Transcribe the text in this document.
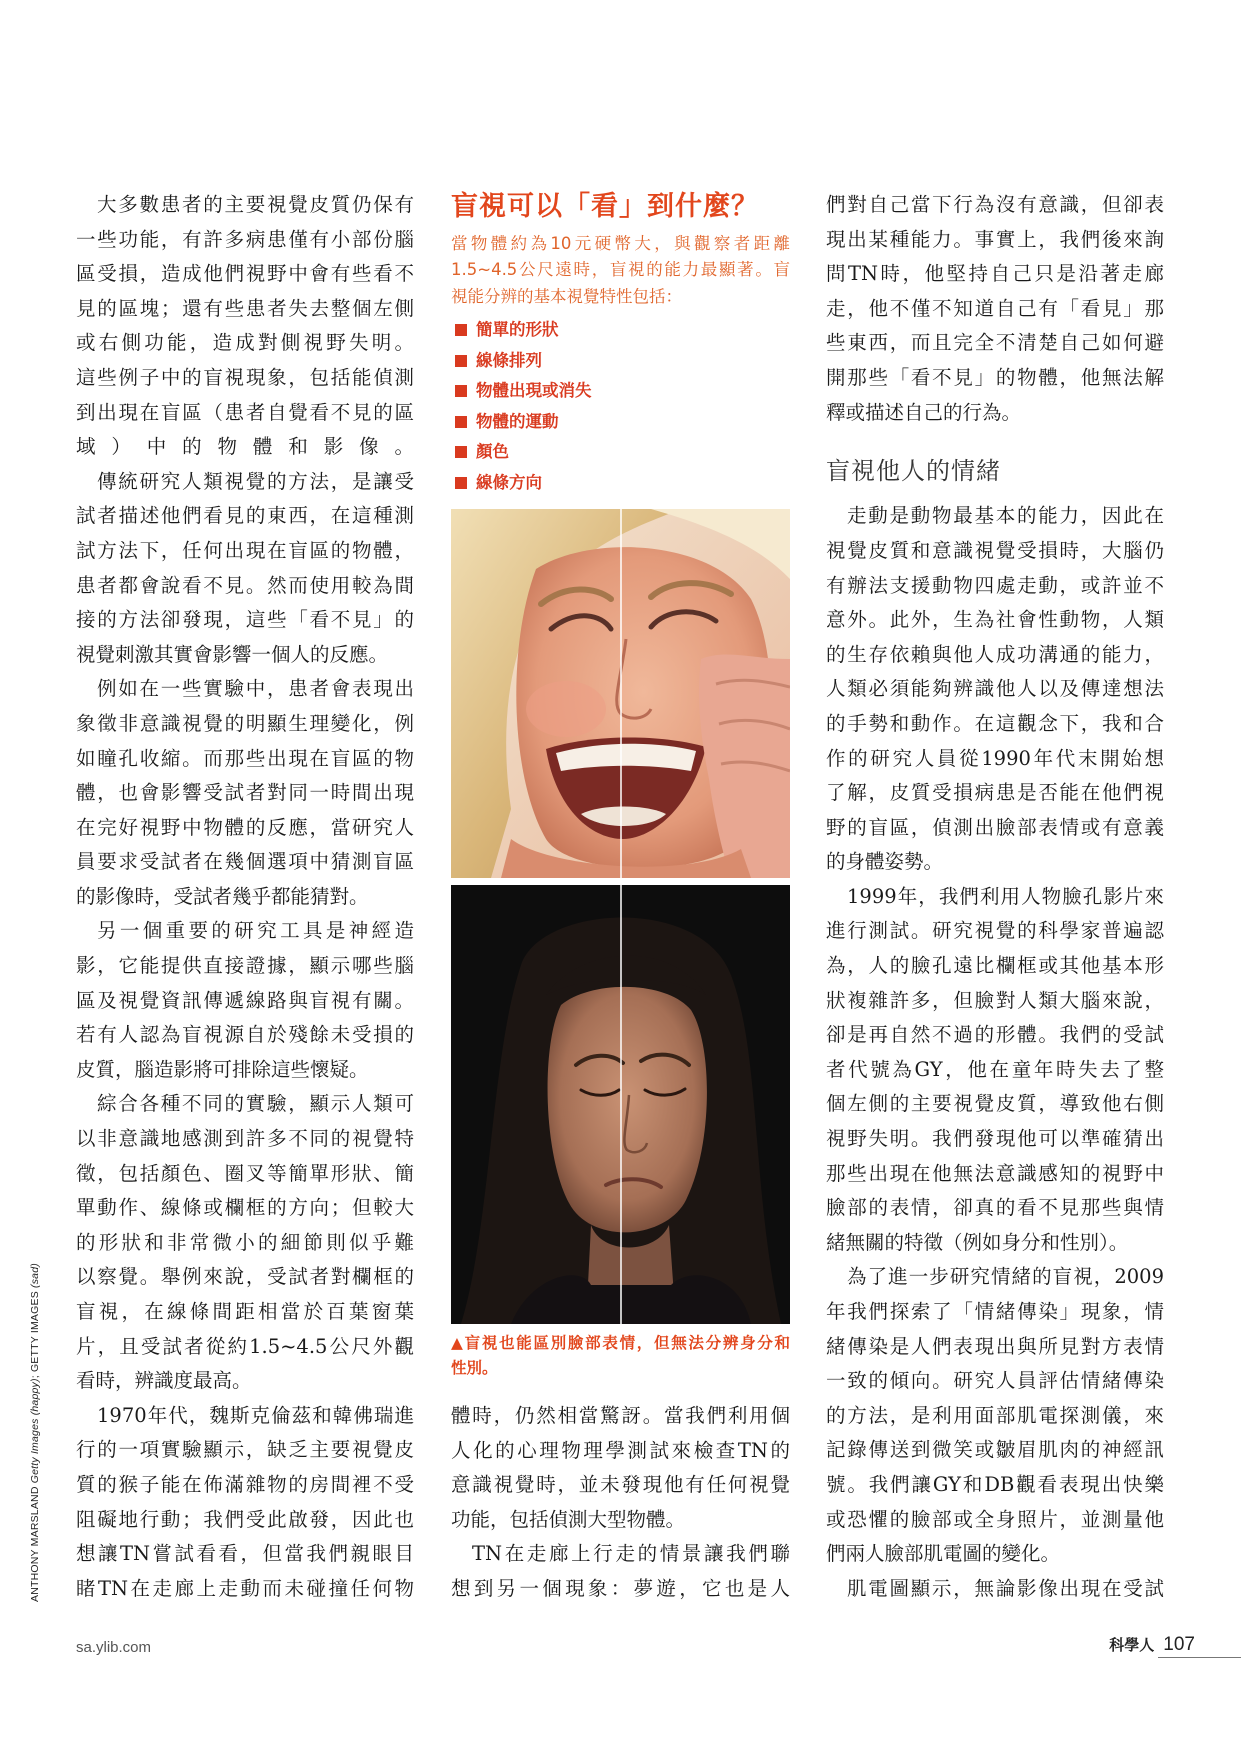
大多數患者的主要視覺皮質仍保有
一些功能，有許多病患僅有小部份腦
區受損，造成他們視野中會有些看不
見的區塊；還有些患者失去整個左側
或右側功能，造成對側視野失明。
這些例子中的盲視現象，包括能偵測
到出現在盲區（患者自覺看不見的區
域）中的物體和影像。
傳統研究人類視覺的方法，是讓受
試者描述他們看見的東西，在這種測
試方法下，任何出現在盲區的物體，
患者都會說看不見。然而使用較為間
接的方法卻發現，這些「看不見」的
視覺刺激其實會影響一個人的反應。
例如在一些實驗中，患者會表現出
象徵非意識視覺的明顯生理變化，例
如瞳孔收縮。而那些出現在盲區的物
體，也會影響受試者對同一時間出現
在完好視野中物體的反應，當研究人
員要求受試者在幾個選項中猜測盲區
的影像時，受試者幾乎都能猜對。
另一個重要的研究工具是神經造
影，它能提供直接證據，顯示哪些腦
區及視覺資訊傳遞線路與盲視有關。
若有人認為盲視源自於殘餘未受損的
皮質，腦造影將可排除這些懷疑。
綜合各種不同的實驗，顯示人類可
以非意識地感測到許多不同的視覺特
徵，包括顏色、圈叉等簡單形狀、簡
單動作、線條或欄框的方向；但較大
的形狀和非常微小的細節則似乎難
以察覺。舉例來說，受試者對欄框的
盲視，在線條間距相當於百葉窗葉
片，且受試者從約1.5~4.5公尺外觀
看時，辨識度最高。
1970年代，魏斯克倫茲和韓佛瑞進
行的一項實驗顯示，缺乏主要視覺皮
質的猴子能在佈滿雜物的房間裡不受
阻礙地行動；我們受此啟發，因此也
想讓TN嘗試看看，但當我們親眼目
睹TN在走廊上走動而未碰撞任何物
盲視可以「看」到什麼？
當物體約為10元硬幣大，與觀察者距離
1.5~4.5公尺遠時，盲視的能力最顯著。盲
視能分辨的基本視覺特性包括：
簡單的形狀
線條排列
物體出現或消失
物體的運動
顏色
線條方向
▲盲視也能區別臉部表情，但無法分辨身分和
性別。
體時，仍然相當驚訝。當我們利用個
人化的心理物理學測試來檢查TN的
意識視覺時，並未發現他有任何視覺
功能，包括偵測大型物體。
TN在走廊上行走的情景讓我們聯
想到另一個現象：夢遊，它也是人
們對自己當下行為沒有意識，但卻表
現出某種能力。事實上，我們後來詢
問TN時，他堅持自己只是沿著走廊
走，他不僅不知道自己有「看見」那
些東西，而且完全不清楚自己如何避
開那些「看不見」的物體，他無法解
釋或描述自己的行為。
盲視他人的情緒
走動是動物最基本的能力，因此在
視覺皮質和意識視覺受損時，大腦仍
有辦法支援動物四處走動，或許並不
意外。此外，生為社會性動物，人類
的生存依賴與他人成功溝通的能力，
人類必須能夠辨識他人以及傳達想法
的手勢和動作。在這觀念下，我和合
作的研究人員從1990年代末開始想
了解，皮質受損病患是否能在他們視
野的盲區，偵測出臉部表情或有意義
的身體姿勢。
1999年，我們利用人物臉孔影片來
進行測試。研究視覺的科學家普遍認
為，人的臉孔遠比欄框或其他基本形
狀複雜許多，但臉對人類大腦來說，
卻是再自然不過的形體。我們的受試
者代號為GY，他在童年時失去了整
個左側的主要視覺皮質，導致他右側
視野失明。我們發現他可以準確猜出
那些出現在他無法意識感知的視野中
臉部的表情，卻真的看不見那些與情
緒無關的特徵（例如身分和性別）。
為了進一步研究情緒的盲視，2009
年我們探索了「情緒傳染」現象，情
緒傳染是人們表現出與所見對方表情
一致的傾向。研究人員評估情緒傳染
的方法，是利用面部肌電探測儀，來
記錄傳送到微笑或皺眉肌肉的神經訊
號。我們讓GY和DB觀看表現出快樂
或恐懼的臉部或全身照片，並測量他
們兩人臉部肌電圖的變化。
肌電圖顯示，無論影像出現在受試
ANTHONY MARSLAND Getty Images (happy); GETTY IMAGES (sad)
sa.ylib.com	科學人 107
